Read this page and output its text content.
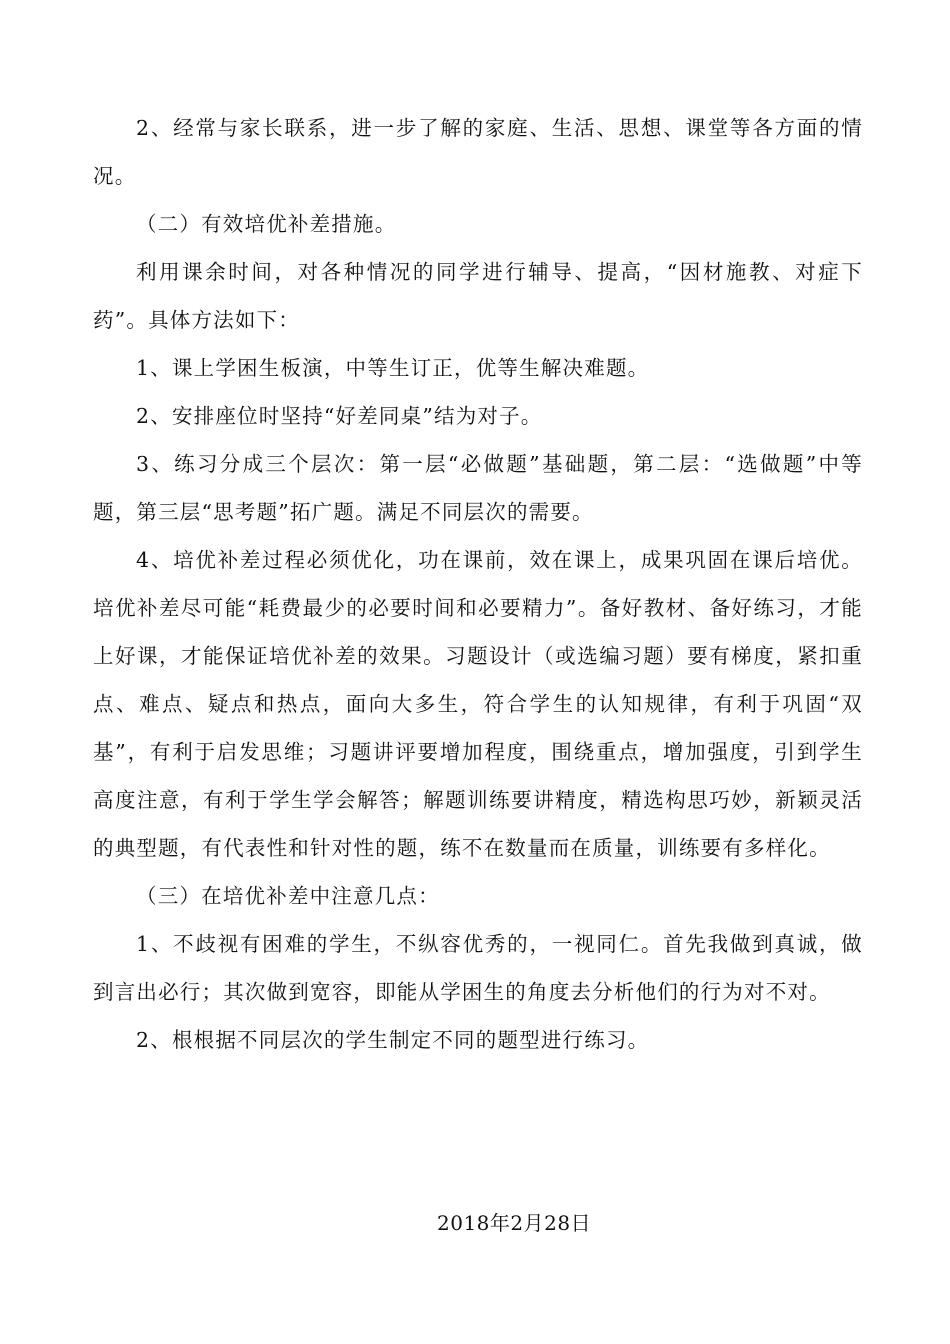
2、经常与家长联系，进一步了解的家庭、生活、思想、课堂等各方面的情况。

（二）有效培优补差措施。

利用课余时间，对各种情况的同学进行辅导、提高，“因材施教、对症下药”。具体方法如下：

1、课上学困生板演，中等生订正，优等生解决难题。

2、安排座位时坚持“好差同桌”结为对子。

3、练习分成三个层次：第一层“必做题”基础题，第二层：“选做题”中等题，第三层“思考题”拓广题。满足不同层次的需要。

4、培优补差过程必须优化，功在课前，效在课上，成果巩固在课后培优。培优补差尽可能“耗费最少的必要时间和必要精力”。备好教材、备好练习，才能上好课，才能保证培优补差的效果。习题设计（或选编习题）要有梯度，紧扣重点、难点、疑点和热点，面向大多生，符合学生的认知规律，有利于巩固“双基”，有利于启发思维；习题讲评要增加程度，围绕重点，增加强度，引到学生高度注意，有利于学生学会解答；解题训练要讲精度，精选构思巧妙，新颖灵活的典型题，有代表性和针对性的题，练不在数量而在质量，训练要有多样化。

（三）在培优补差中注意几点：

1、不歧视有困难的学生，不纵容优秀的，一视同仁。首先我做到真诚，做到言出必行；其次做到宽容，即能从学困生的角度去分析他们的行为对不对。

2、根根据不同层次的学生制定不同的题型进行练习。

2018年2月28日
